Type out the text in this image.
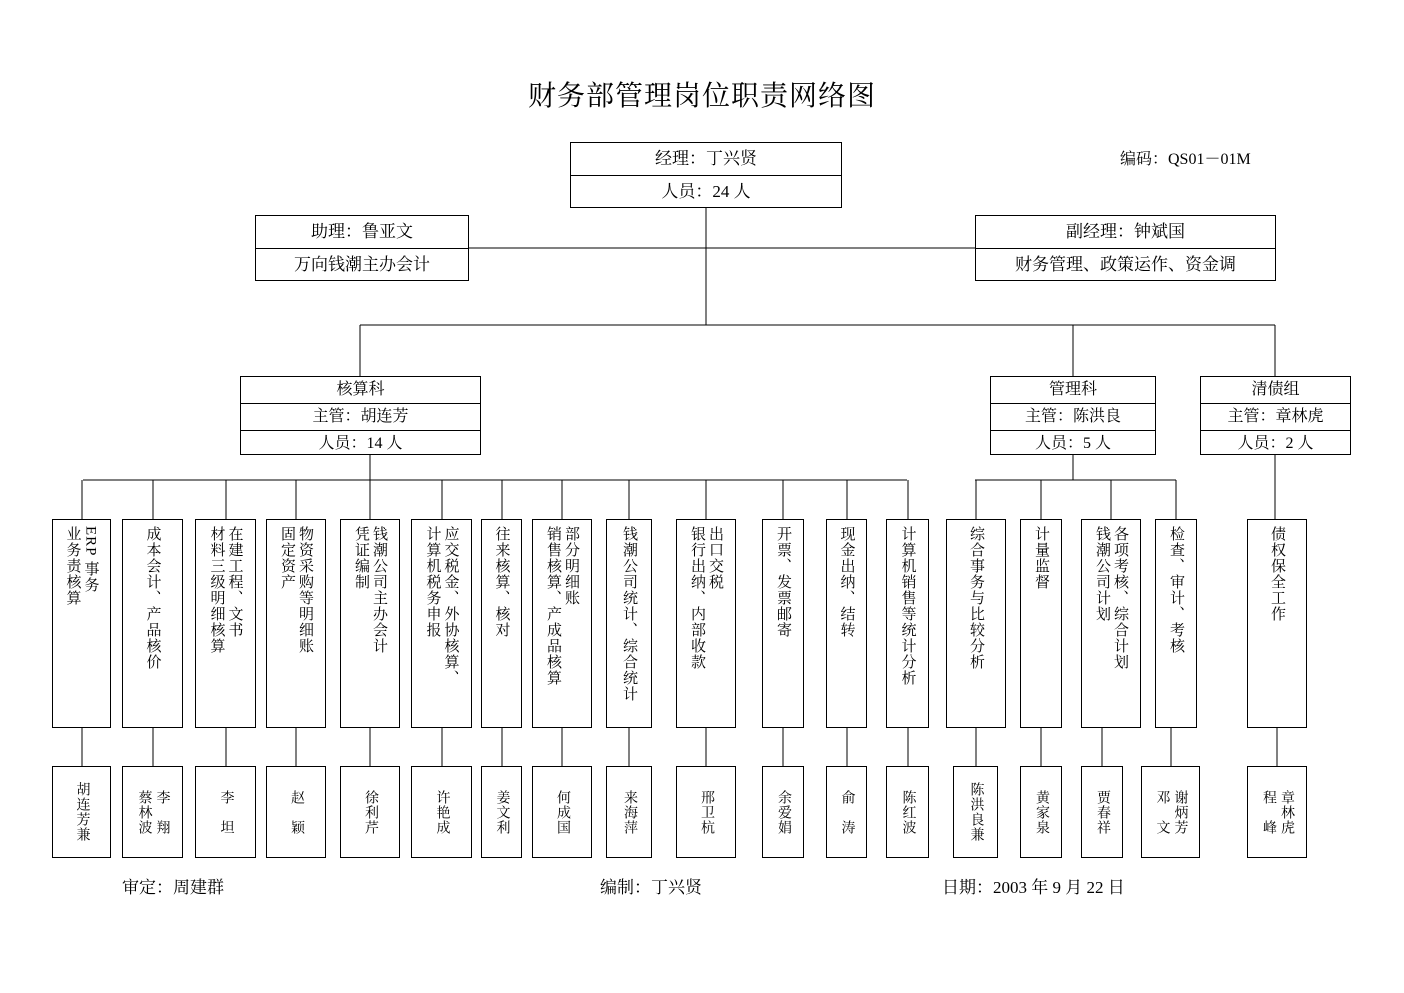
财务部管理岗位职责网络图
编码：QS01－01M
经理：丁兴贤
人员：24 人
助理：鲁亚文
万向钱潮主办会计
副经理：钟斌国
财务管理、政策运作、资金调
核算科
主管：胡连芳
人员：14 人
管理科
主管：陈洪良
人员：5 人
清债组
主管：章林虎
人员：2 人
ERP 事务
业务责核算
胡连芳兼
成本会计、产品核价
李　翔
蔡林波
在建工程、文书
材料三级明细核算
李　坦
物资采购等明细账
固定资产
赵　颖
钱潮公司主办会计
凭证编制
徐利芹
应交税金、外协核算、
计算机税务申报
许艳成
往来核算、核对
姜文利
部分明细账
销售核算、产成品核算
何成国
钱潮公司统计、综合统计
来海萍
出口交税
银行出纳、内部收款
邢卫杭
开票、发票邮寄
余爱娟
现金出纳、结转
俞　涛
计算机销售等统计分析
陈红波
综合事务与比较分析
陈洪良兼
计量监督
黄家泉
各项考核、综合计划
钱潮公司计划
贾春祥
检查、审计、考核
谢炳芳
邓　文
债权保全工作
章林虎
程　峰
审定：周建群	编制：丁兴贤	日期：2003 年 9 月 22 日
